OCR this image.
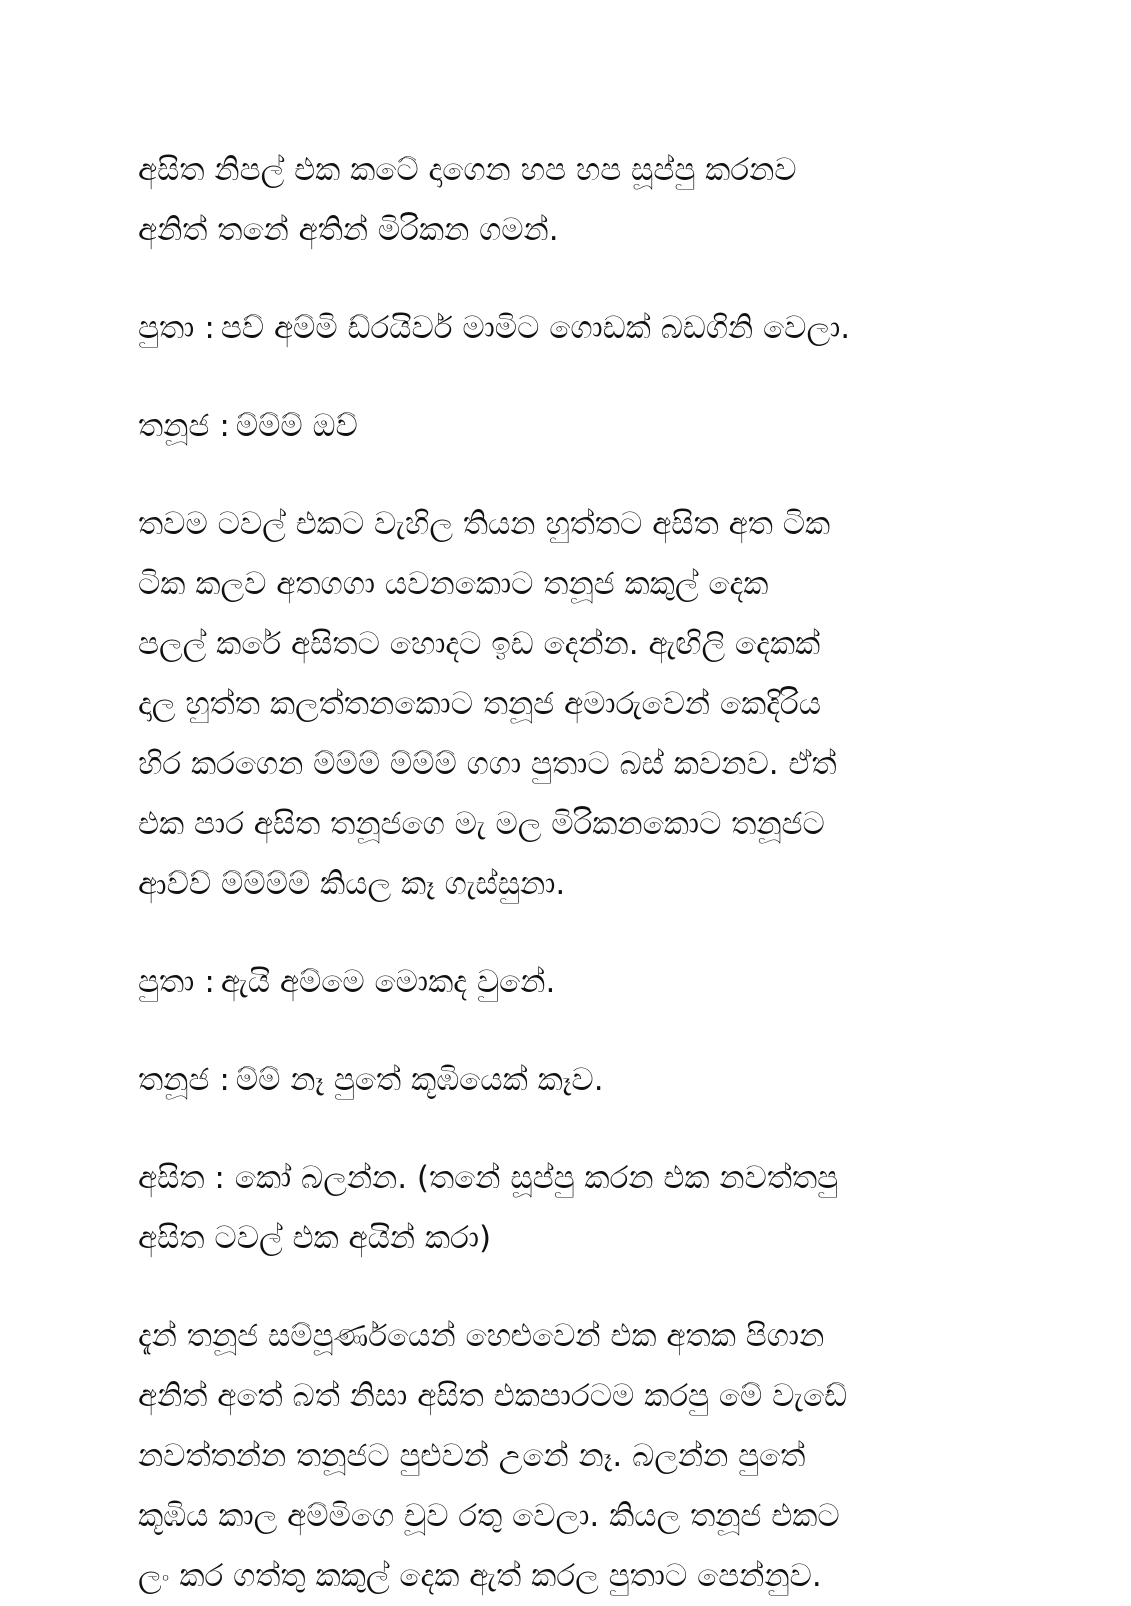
අසිත නිපල් එක කටේ දාගෙන හප හප සූප්පු කරනව
අනිත් තනේ අතින් මිරිකන ගමන්.
පුතා : පව් අම්මි ඩ්රයිවර් මාමිට ගොඩක් බඩගිනි වෙලා.
තනූජ : ම්ම්ම් ඔව්
තවම ටවල් එකට වැහිල තියන හුත්තට අසිත අත ටික
ටික කලව අතගගා යවනකොට තනූජ කකුල් දෙක
පලල් කරේ අසිතට හොදට ඉඩ දෙන්න. ඇඟිලි දෙකක්
දාල හුත්ත කලත්තනකොට තනූජ අමාරුවෙන් කෙදිරිය
හිර කරගෙන ම්ම්ම් ම්ම්ම් ගගා පුතාට බස් කවනව. ඒත්
එක පාර අසිත තනූජගෙ මැ මල මිරිකනකොට තනූජට
ආව්ව් ම්ම්ම්ම් කියල කෑ ගැස්සුනා.
පුතා : ඇයි අම්මෙ මොකද වුනේ.
තනූජ : ම්ම් නෑ පුතේ කූඹියෙක් කෑව.
අසිත : කෝ බලන්න. (තනේ සූප්පු කරන එක නවත්තපු
අසිත ටවල් එක අයින් කරා)
දැන් තනූජ සම්පූර්ණයෙන් හෙළුවෙන් එක අතක පිගාන
අනිත් අතේ බත් නිසා අසිත එකපාරටම කරපු මේ වැඩේ
නවත්තන්න තනූජට පුළුවන් උනේ නෑ. බලන්න පුතේ
කූඹිය කාල අම්මිගෙ චූව රතු වෙලා. කියල තනූජ එකට
ලං කර ගත්තු කකුල් දෙක ඇත් කරල පුතාට පෙන්නුව.
